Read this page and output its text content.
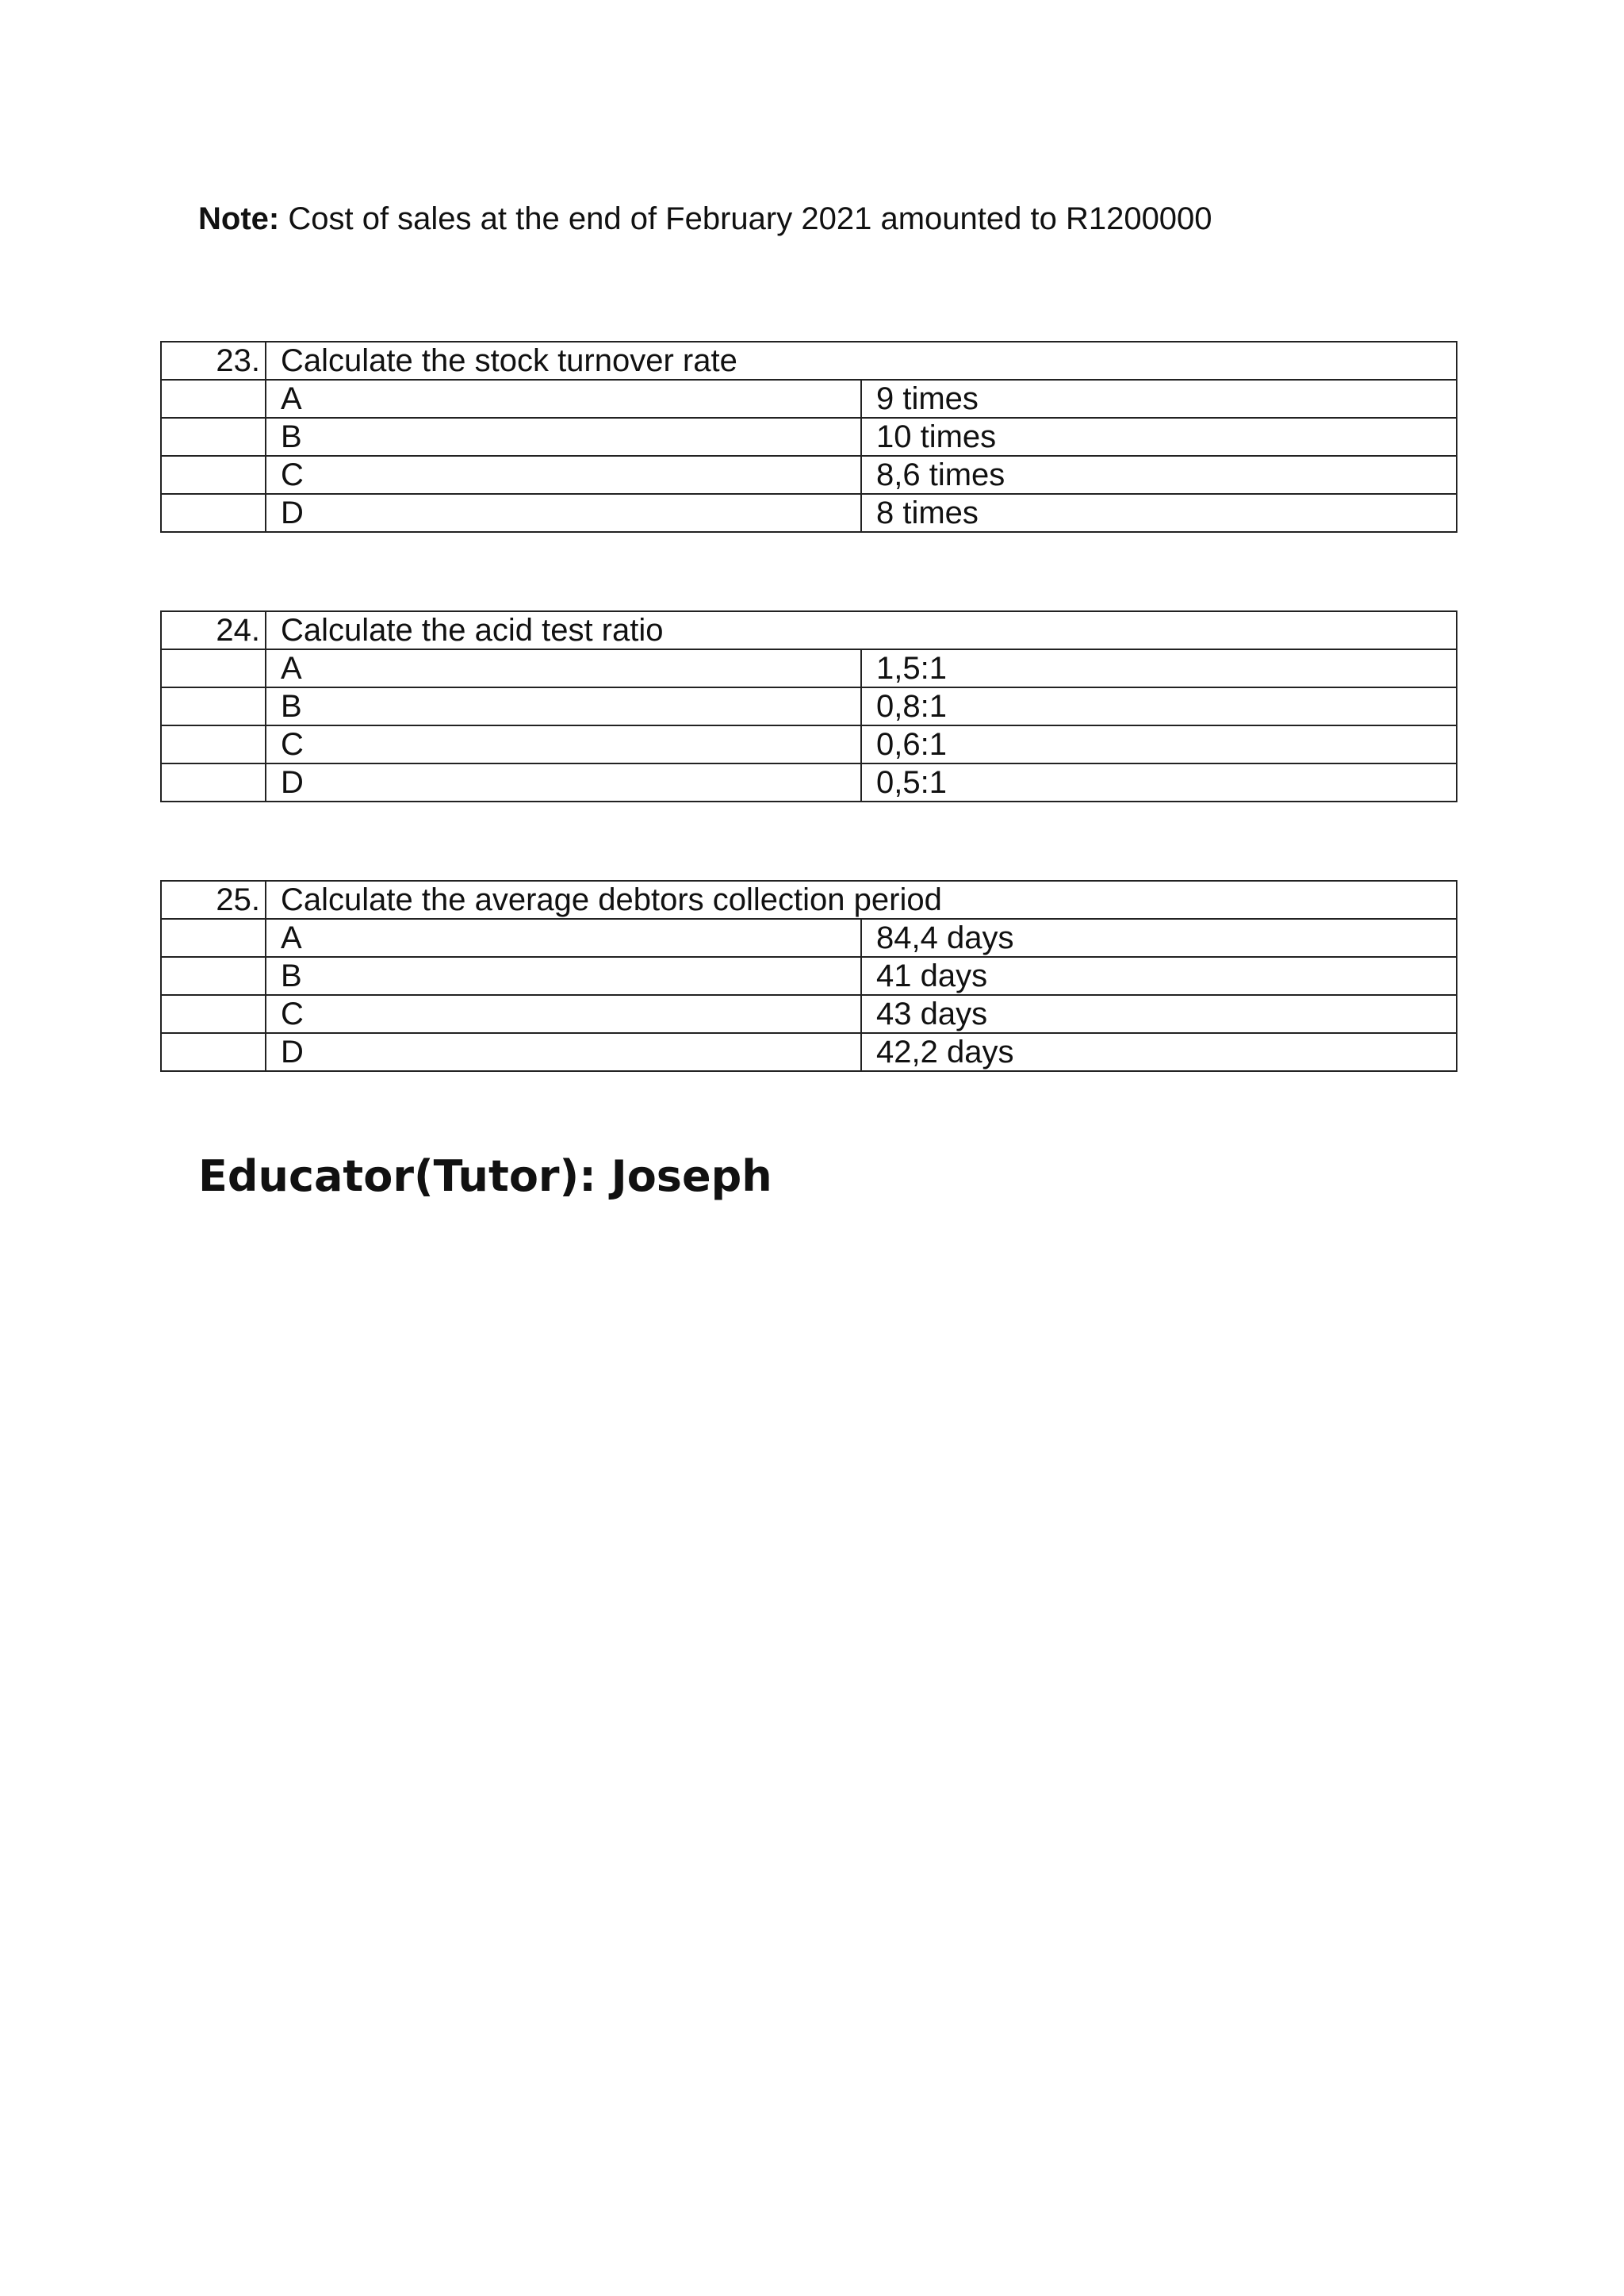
Note: Cost of sales at the end of February 2021 amounted to R1200000
23.	Calculate the stock turnover rate	
	A	9 times
	B	10 times
	C	8,6 times
	D	8 times
24.	Calculate the acid test ratio	
	A	1,5:1
	B	0,8:1
	C	0,6:1
	D	0,5:1
25.	Calculate the average debtors collection period	
	A	84,4 days
	B	41 days
	C	43 days
	D	42,2 days
Educator(Tutor): Joseph
